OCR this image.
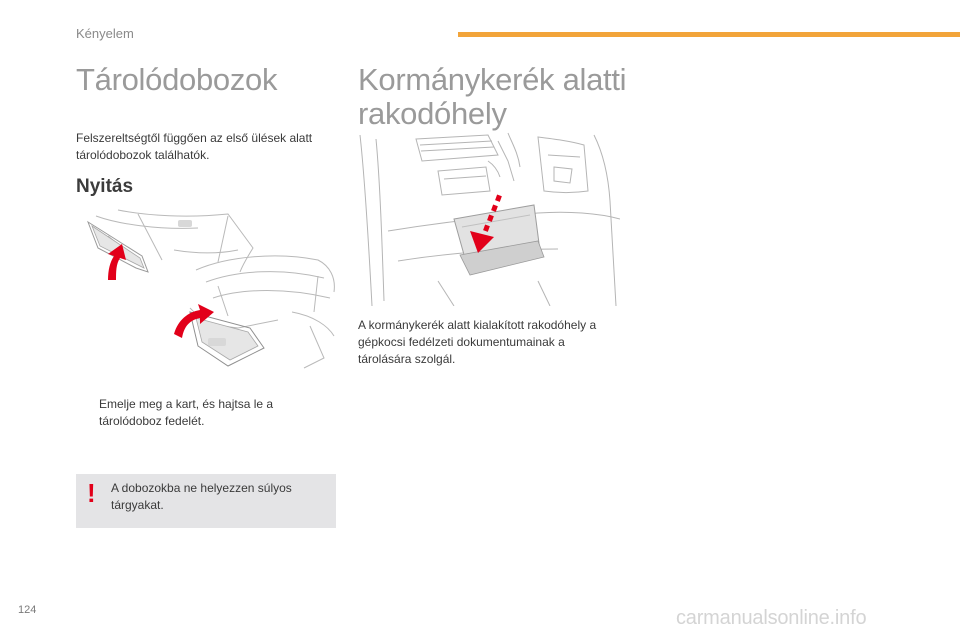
Kényelem
Tárolódobozok
Felszereltségtől függően az első ülések alatt tárolódobozok találhatók.
Nyitás
Emelje meg a kart, és hajtsa le a tárolódoboz fedelét.
! A dobozokba ne helyezzen súlyos tárgyakat.
Kormánykerék alatti rakodóhely
A kormánykerék alatt kialakított rakodóhely a gépkocsi fedélzeti dokumentumainak a tárolására szolgál.
124	carmanualsonline.info
